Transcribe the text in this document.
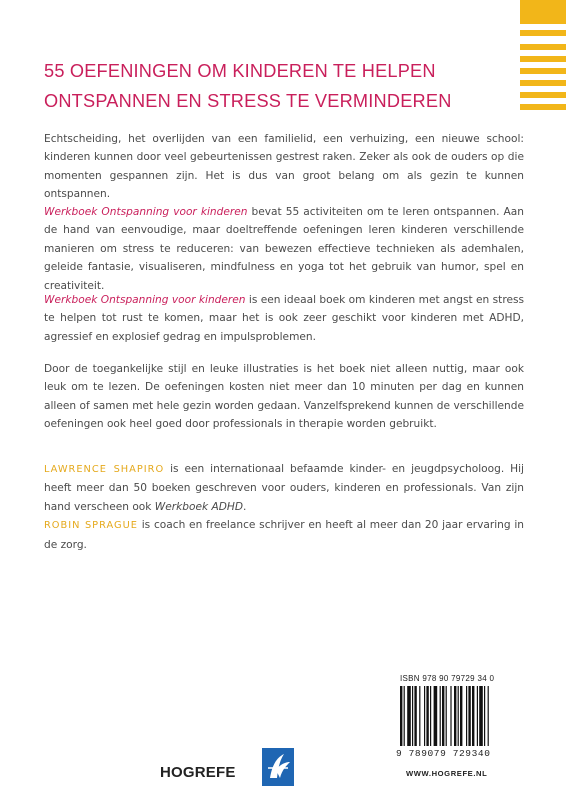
55 OEFENINGEN OM KINDEREN TE HELPEN
ONTSPANNEN EN STRESS TE VERMINDEREN

Echtscheiding, het overlijden van een familielid, een verhuizing, een nieuwe school: kinderen kunnen door veel gebeurtenissen gestrest raken. Zeker als ook de ouders op die momenten gespannen zijn. Het is dus van groot belang om als gezin te kunnen ontspannen.

Werkboek Ontspanning voor kinderen bevat 55 activiteiten om te leren ontspannen. Aan de hand van eenvoudige, maar doeltreffende oefeningen leren kinderen verschillende manieren om stress te reduceren: van bewezen effectieve technieken als ademhalen, geleide fantasie, visualiseren, mindfulness en yoga tot het gebruik van humor, spel en creativiteit.

Werkboek Ontspanning voor kinderen is een ideaal boek om kinderen met angst en stress te helpen tot rust te komen, maar het is ook zeer geschikt voor kinderen met ADHD, agressief en explosief gedrag en impulsproblemen.

Door de toegankelijke stijl en leuke illustraties is het boek niet alleen nuttig, maar ook leuk om te lezen. De oefeningen kosten niet meer dan 10 minuten per dag en kunnen alleen of samen met hele gezin worden gedaan. Vanzelfsprekend kunnen de verschillende oefeningen ook heel goed door professionals in therapie worden gebruikt.

LAWRENCE SHAPIRO is een internationaal befaamde kinder- en jeugdpsycholoog. Hij heeft meer dan 50 boeken geschreven voor ouders, kinderen en professionals. Van zijn hand verscheen ook Werkboek ADHD.
ROBIN SPRAGUE is coach en freelance schrijver en heeft al meer dan 20 jaar ervaring in de zorg.

ISBN 978 90 79729 34 0
9 789079 729340
HOGREFE	WWW.HOGREFE.NL
